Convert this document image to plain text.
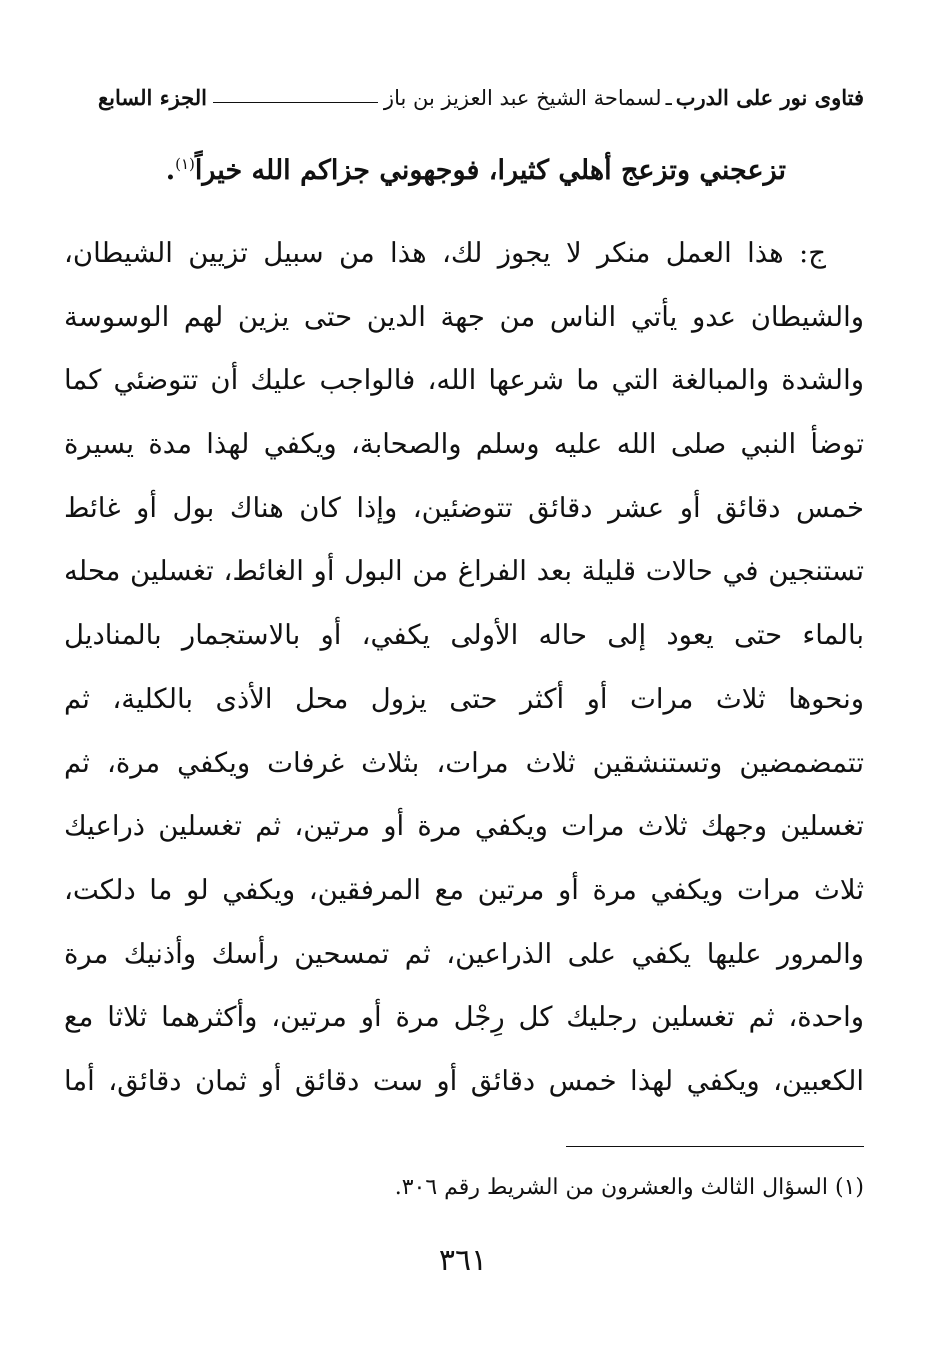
فتاوى نور على الدرب
ـ
لسماحة الشيخ عبد العزيز بن باز
الجزء السابع
تزعجني وتزعج أهلي كثيرا، فوجهوني جزاكم الله خيراً$^{(١)}$.
ج: هذا العمل منكر لا يجوز لك، هذا من سبيل تزيين الشيطان،
والشيطان عدو يأتي الناس من جهة الدين حتى يزين لهم الوسوسة
والشدة والمبالغة التي ما شرعها الله، فالواجب عليك أن تتوضئي كما
توضأ النبي صلى الله عليه وسلم والصحابة، ويكفي لهذا مدة يسيرة
خمس دقائق أو عشر دقائق تتوضئين، وإذا كان هناك بول أو غائط
تستنجين في حالات قليلة بعد الفراغ من البول أو الغائط، تغسلين محله
بالماء حتى يعود إلى حاله الأولى يكفي، أو بالاستجمار بالمناديل
ونحوها ثلاث مرات أو أكثر حتى يزول محل الأذى بالكلية، ثم
تتمضمضين وتستنشقين ثلاث مرات، بثلاث غرفات ويكفي مرة، ثم
تغسلين وجهك ثلاث مرات ويكفي مرة أو مرتين، ثم تغسلين ذراعيك
ثلاث مرات ويكفي مرة أو مرتين مع المرفقين، ويكفي لو ما دلكت،
والمرور عليها يكفي على الذراعين، ثم تمسحين رأسك وأذنيك مرة
واحدة، ثم تغسلين رجليك كل رِجْل مرة أو مرتين، وأكثرهما ثلاثا مع
الكعبين، ويكفي لهذا خمس دقائق أو ست دقائق أو ثمان دقائق، أما
(١) السؤال الثالث والعشرون من الشريط رقم ٣٠٦.
٣٦١
